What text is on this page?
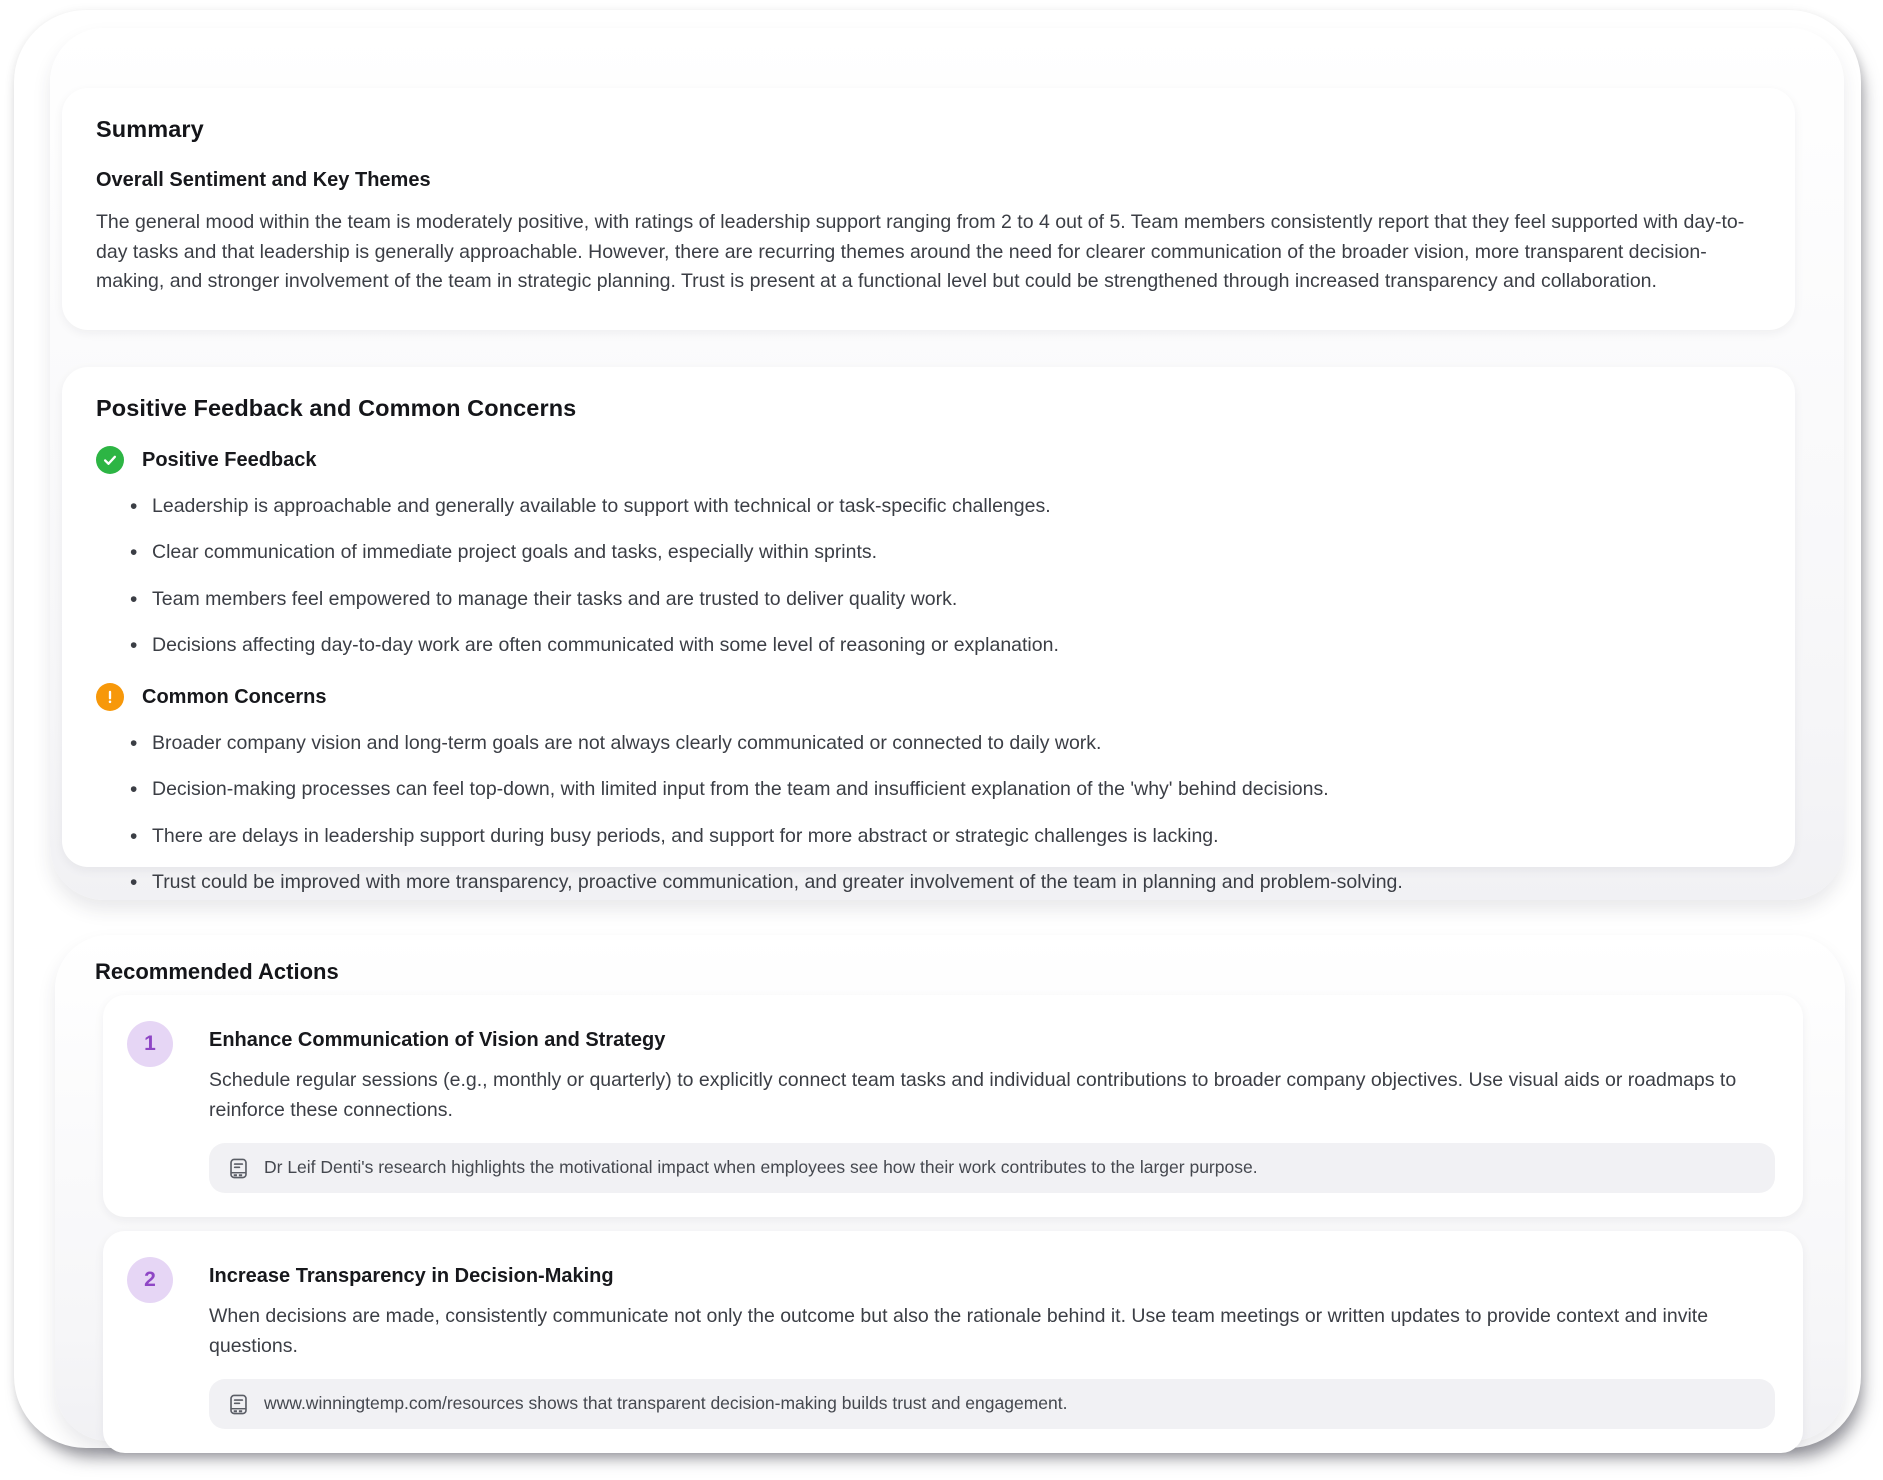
Summary
Overall Sentiment and Key Themes

The general mood within the team is moderately positive, with ratings of leadership support ranging from 2 to 4 out of 5. Team members consistently report that they feel supported with day-to-day tasks and that leadership is generally approachable. However, there are recurring themes around the need for clearer communication of the broader vision, more transparent decision-making, and stronger involvement of the team in strategic planning. Trust is present at a functional level but could be strengthened through increased transparency and collaboration.

Positive Feedback and Common Concerns
Positive Feedback
• Leadership is approachable and generally available to support with technical or task-specific challenges.
• Clear communication of immediate project goals and tasks, especially within sprints.
• Team members feel empowered to manage their tasks and are trusted to deliver quality work.
• Decisions affecting day-to-day work are often communicated with some level of reasoning or explanation.
Common Concerns
• Broader company vision and long-term goals are not always clearly communicated or connected to daily work.
• Decision-making processes can feel top-down, with limited input from the team and insufficient explanation of the 'why' behind decisions.
• There are delays in leadership support during busy periods, and support for more abstract or strategic challenges is lacking.
• Trust could be improved with more transparency, proactive communication, and greater involvement of the team in planning and problem-solving.
Recommended Actions
1	Enhance Communication of Vision and Strategy
Schedule regular sessions (e.g., monthly or quarterly) to explicitly connect team tasks and individual contributions to broader company objectives. Use visual aids or roadmaps to reinforce these connections.
Dr Leif Denti's research highlights the motivational impact when employees see how their work contributes to the larger purpose.
2	Increase Transparency in Decision-Making
When decisions are made, consistently communicate not only the outcome but also the rationale behind it. Use team meetings or written updates to provide context and invite questions.
www.winningtemp.com/resources shows that transparent decision-making builds trust and engagement.
